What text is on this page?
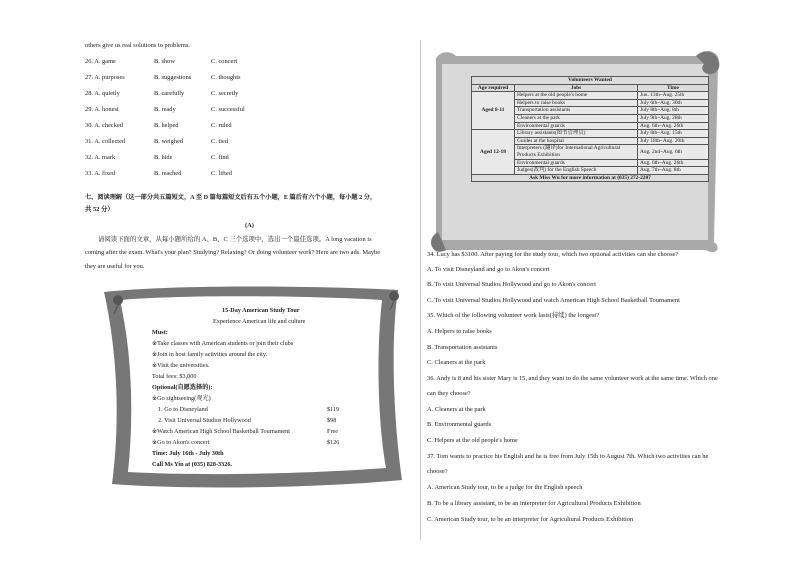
others give us real solutions to problems.
26. A. game	B. show	C. concert
27. A. purposes	B. suggestions	C. thoughts
28. A. quietly	B. carefully	C. secretly
29. A. honest	B. ready	C. successful
30. A. checked	B. helped	C. ruled
31. A. collected	B. weighed	C. tied
32. A. mark	B. hide	C. find
33. A. fixed	B. reached	C. lifted
七、阅读理解（这一部分共五篇短文，A 至 D 篇每篇短文后有五个小题，E 篇后有六个小题，每小题 2 分，
共 52 分）
(A)
请阅读下面的文章，从每小题所给的 A、B、C 三个选项中，选出一个最佳选项。A long vacation is
coming after the exam. What's your plan? Studying? Relaxing? Or doing volunteer work? Here are two ads. Maybe
they are useful for you.
15-Day American Study Tour
Experience American life and culture
Must:
※Take classes with American students or join their clubs
※Join in host family activities around the city.
※Visit the universities.
Total fees: $3,000
Optional(自愿选择的):
※Go sightseeing(观光)
1. Go to Disneyland	$119
2. Visit Universal Studios Hollywood	$98
※Watch American High School Basketball Tournament	Free
※Go to Akon's concert	$126
Time: July 16th - July 30th
Call Ms Yin at (035) 828-3326.
Volunteers Wanted		
Age required	Jobs	Time
Aged 8-11	Helpers at the old people's home	Jun. 13th~Aug. 25th
	Helpers to raise books	July 6th~Aug. 30th
	Transportation assistants	July 8th~Aug. 8th
	Cleaners at the park	July 9th~Aug. 28th
	Environmental guards	Aug. 6th~Aug. 26th
Aged 12-18	Library assistants(图书管理员)	July 8th~Aug. 15th
	Guides at the hospital	July 18th~Aug. 20th
	Interpreters (翻译)for International Agricultural Products Exhibition	Aug. 2nd~Aug. 6th
	Environmental guards	Aug. 6th~Aug. 26th
	Judges(裁判) for the English Speech	Aug. 7th~Aug. 8th
Ask Miss Wu for more information at (035) 272-2207		
34. Lucy has $3100. After paying for the study tour, which two optional activities can she choose?
A. To visit Disneyland and go to Akon's concert
B. To visit Universal Studios Hollywood and go to Akon's concert
C. To visit Universal Studios Hollywood and watch American High School Basketball Tournament
35. Which of the following volunteer work lasts(持续) the longest?
A. Helpers to raise books
B. Transportation assistants
C. Cleaners at the park
36. Andy is 8 and his sister Mary is 15, and they want to do the same volunteer work at the same time. Which one
can they choose?
A. Cleaners at the park
B. Environmental guards
C. Helpers at the old people's home
37. Tom wants to practice his English and he is free from July 15th to August 7th. Which two activities can he
choose?
A. American Study tour, to be a judge for the English speech
B. To be a library assistant, to be an interpreter for Agricultural Products Exhibition
C. American Study tour, to be an interpreter for Agricultural Products Exhibition
